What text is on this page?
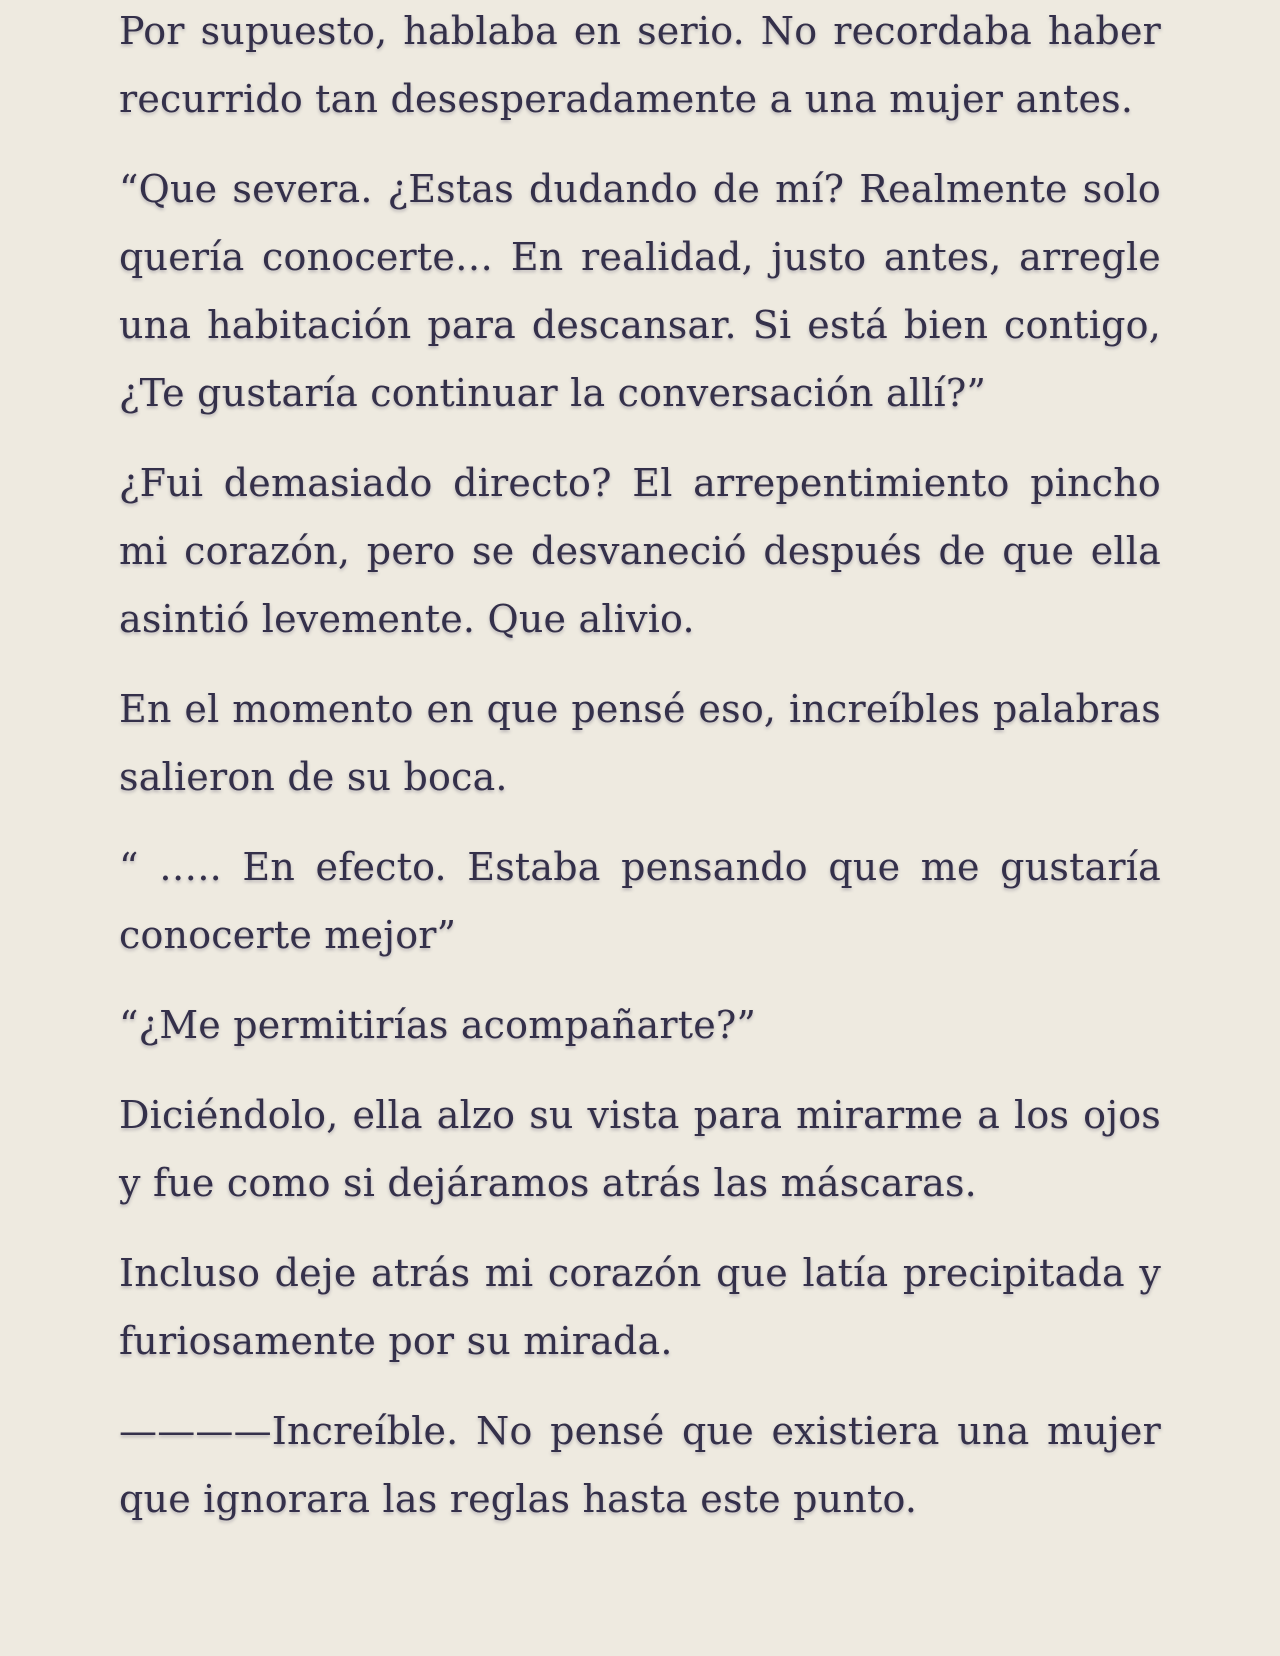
Por supuesto, hablaba en serio. No recordaba haber recurrido tan desesperadamente a una mujer antes.

“Que severa. ¿Estas dudando de mí? Realmente solo quería conocerte… En realidad, justo antes, arregle una habitación para descansar. Si está bien contigo, ¿Te gustaría continuar la conversación allí?”

¿Fui demasiado directo? El arrepentimiento pincho mi corazón, pero se desvaneció después de que ella asintió levemente. Que alivio.

En el momento en que pensé eso, increíbles palabras salieron de su boca.

“ ….. En efecto. Estaba pensando que me gustaría conocerte mejor”

“¿Me permitirías acompañarte?”

Diciéndolo, ella alzo su vista para mirarme a los ojos y fue como si dejáramos atrás las máscaras.

Incluso deje atrás mi corazón que latía precipitada y furiosamente por su mirada.

————Increíble. No pensé que existiera una mujer que ignorara las reglas hasta este punto.
